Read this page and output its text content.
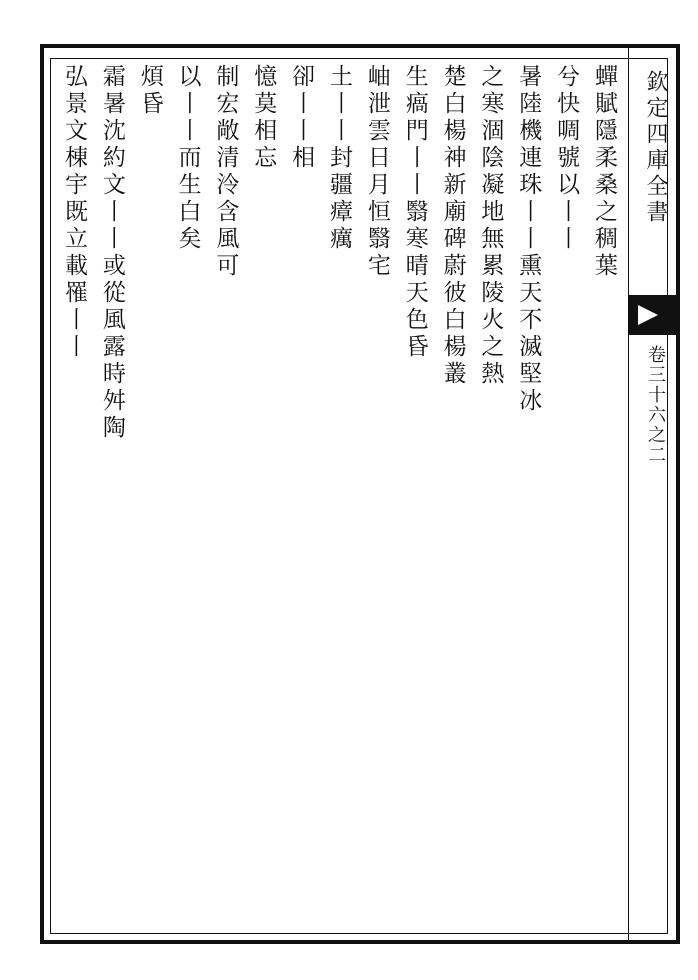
欽定四庫全書
卷三十六之二
蟬賦隱柔桑之稠葉
兮快啁號以丨丨
暑陸機連珠丨丨熏天不滅堅冰
之寒涸陰凝地無累陵火之熱
楚白楊神新廟碑蔚彼白楊叢
生瘑門丨丨翳寒晴天色昏
岫泄雲日月恒翳宅
土丨丨封疆瘴癘
卻丨丨相
憶莫相忘
制宏敞清泠含風可
以丨丨而生白矣
煩昏
霜暑沈約文丨丨或從風露時舛陶
弘景文棟宇既立載罹丨丨
